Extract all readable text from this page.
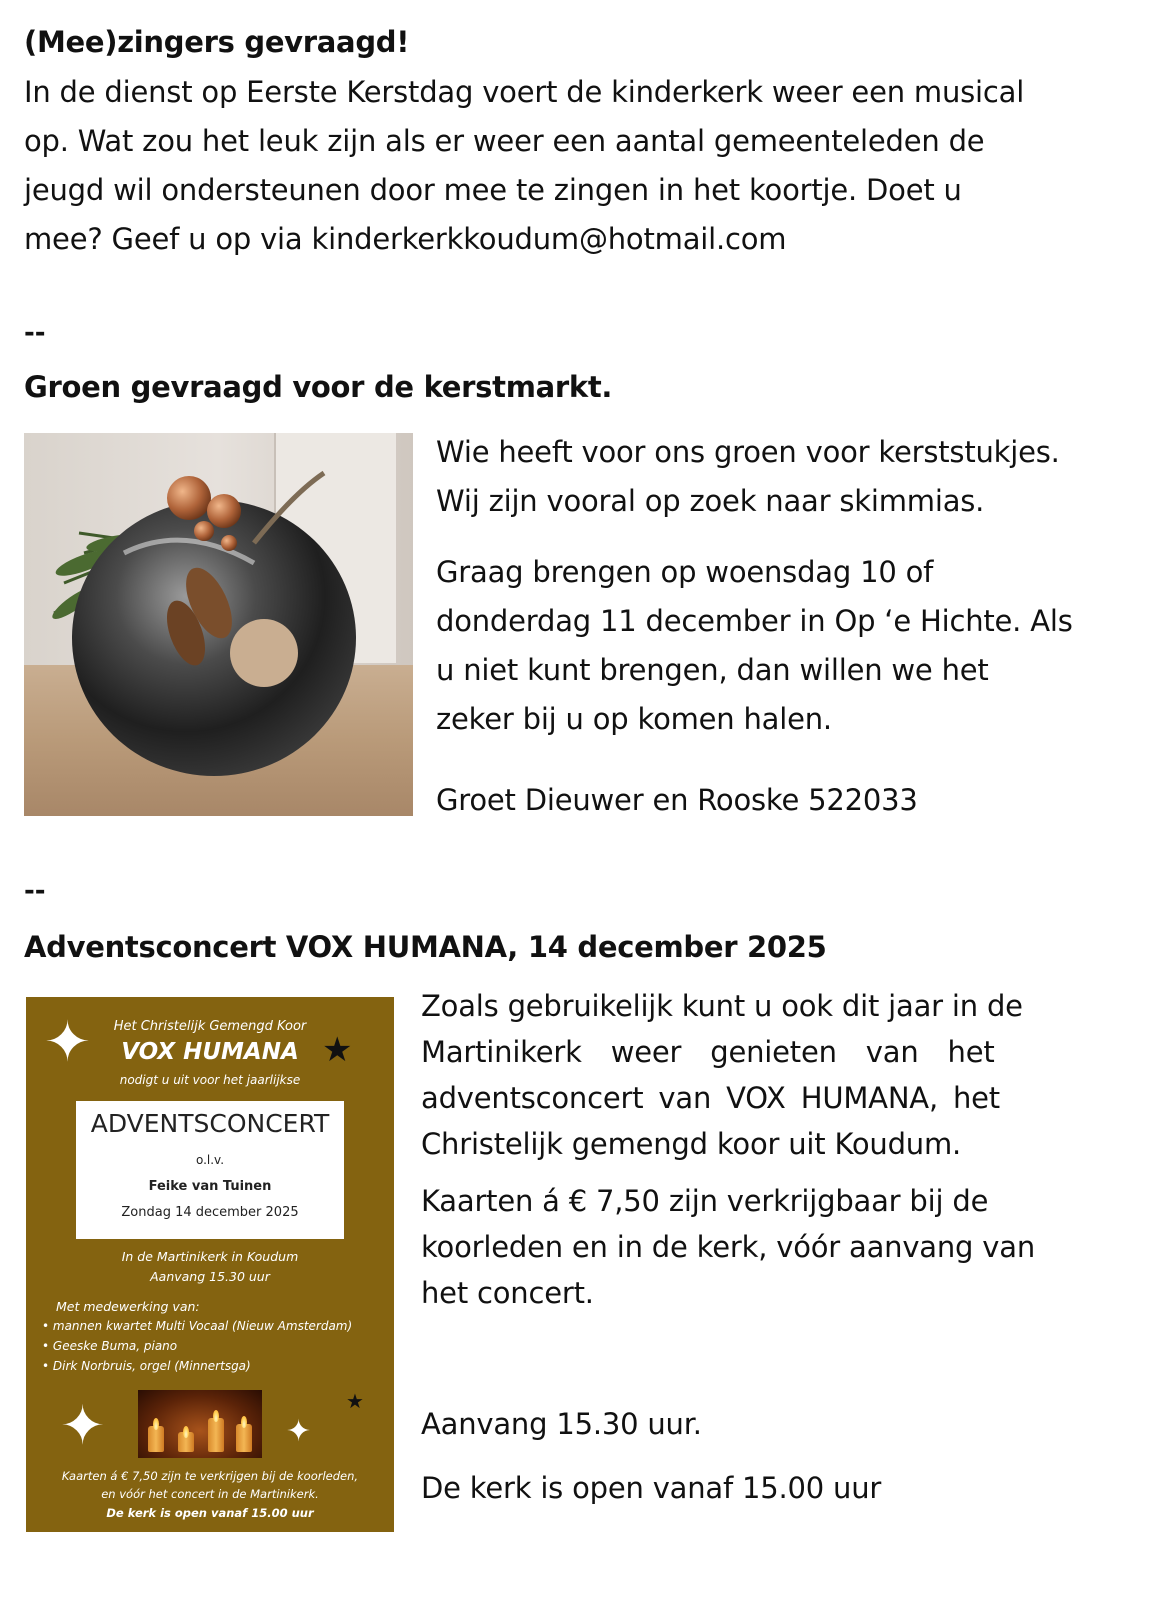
(Mee)zingers gevraagd!

In de dienst op Eerste Kerstdag voert de kinderkerk weer een musical

op. Wat zou het leuk zijn als er weer een aantal gemeenteleden de

jeugd wil ondersteunen door mee te zingen in het koortje. Doet u

mee? Geef u op via kinderkerkkoudum@hotmail.com

--
Groen gevraagd voor de kerstmarkt.

Wie heeft voor ons groen voor kerststukjes.

Wij zijn vooral op zoek naar skimmias.

Graag brengen op woensdag 10 of

donderdag 11 december in Op ‘e Hichte. Als

u niet kunt brengen, dan willen we het

zeker bij u op komen halen.

Groet Dieuwer en Rooske 522033

--
Adventsconcert VOX HUMANA, 14 december 2025
✦	★
Het Christelijk Gemengd Koor
VOX HUMANA
nodigt u uit voor het jaarlijkse
ADVENTSCONCERT
o.l.v.
Feike van Tuinen
Zondag 14 december 2025
In de Martinikerk in Koudum
Aanvang 15.30 uur
Met medewerking van:
• mannen kwartet Multi Vocaal (Nieuw Amsterdam)
• Geeske Buma, piano
• Dirk Norbruis, orgel (Minnertsga)
✦	✦
★
Kaarten á € 7,50 zijn te verkrijgen bij de koorleden,
en vóór het concert in de Martinikerk.
De kerk is open vanaf 15.00 uur

Zoals gebruikelijk kunt u ook dit jaar in de

Martinikerk weer genieten van het

adventsconcert van VOX HUMANA, het

Christelijk gemengd koor uit Koudum.

Kaarten á € 7,50 zijn verkrijgbaar bij de

koorleden en in de kerk, vóór aanvang van

het concert.

Aanvang 15.30 uur.

De kerk is open vanaf 15.00 uur
